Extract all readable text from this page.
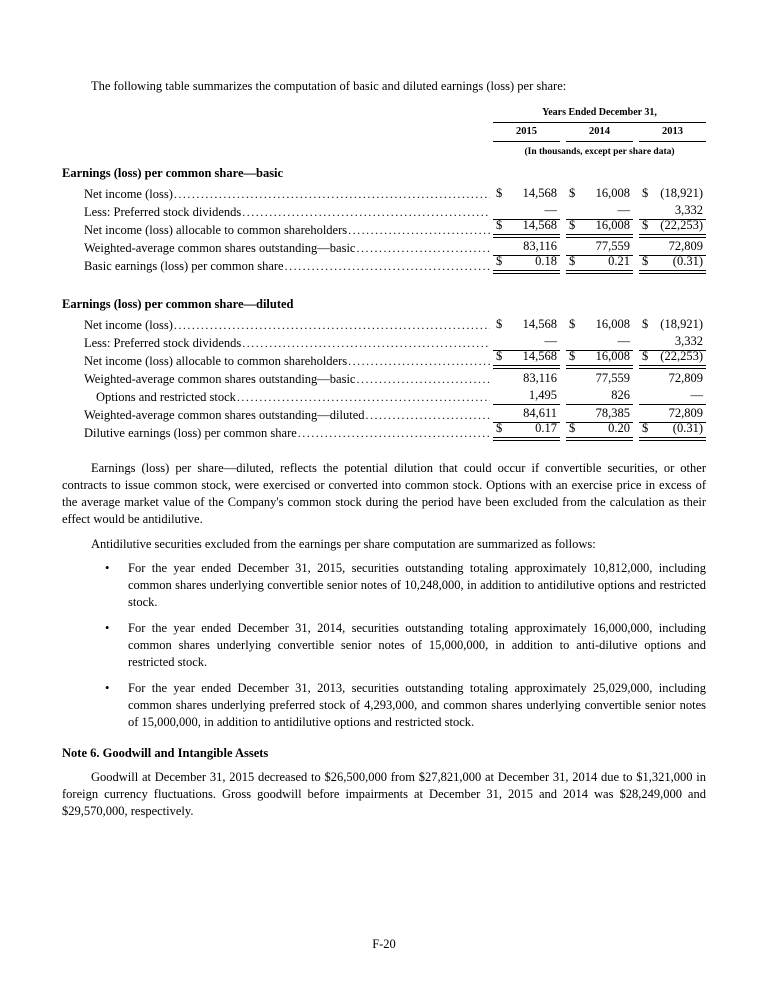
The following table summarizes the computation of basic and diluted earnings (loss) per share:

Years Ended December 31,
2015	2014	2013
(In thousands, except per share data)
Earnings (loss) per common share—basic
Net income (loss) .....	$ 14,568 $ 16,008 $ (18,921)
Less: Preferred stock dividends .....	—	—	3,332
Net income (loss) allocable to common shareholders .....	$ 14,568 $ 16,008 $ (22,253)
Weighted-average common shares outstanding—basic .....	83,116	77,559	72,809
Basic earnings (loss) per common share .....	$	0.18 $	0.21 $ (0.31)
Earnings (loss) per common share—diluted
Net income (loss) .....	$ 14,568 $ 16,008 $ (18,921)
Less: Preferred stock dividends .....	—	—	3,332
Net income (loss) allocable to common shareholders .....	$ 14,568 $ 16,008 $ (22,253)
Weighted-average common shares outstanding—basic .....	83,116	77,559	72,809
Options and restricted stock .....	1,495	826	—
Weighted-average common shares outstanding—diluted .....	84,611	78,385	72,809
Dilutive earnings (loss) per common share .....	$	0.17 $	0.20 $ (0.31)

Earnings (loss) per share—diluted, reflects the potential dilution that could occur if convertible securities, or other contracts to issue common stock, were exercised or converted into common stock. Options with an exercise price in excess of the average market value of the Company's common stock during the period have been excluded from the calculation as their effect would be antidilutive.

Antidilutive securities excluded from the earnings per share computation are summarized as follows:

• For the year ended December 31, 2015, securities outstanding totaling approximately 10,812,000, including common shares underlying convertible senior notes of 10,248,000, in addition to antidilutive options and restricted stock.
• For the year ended December 31, 2014, securities outstanding totaling approximately 16,000,000, including common shares underlying convertible senior notes of 15,000,000, in addition to anti-dilutive options and restricted stock.
• For the year ended December 31, 2013, securities outstanding totaling approximately 25,029,000, including common shares underlying preferred stock of 4,293,000, and common shares underlying convertible senior notes of 15,000,000, in addition to antidilutive options and restricted stock.
Note 6. Goodwill and Intangible Assets

Goodwill at December 31, 2015 decreased to $26,500,000 from $27,821,000 at December 31, 2014 due to $1,321,000 in foreign currency fluctuations. Gross goodwill before impairments at December 31, 2015 and 2014 was $28,249,000 and $29,570,000, respectively.

F-20
